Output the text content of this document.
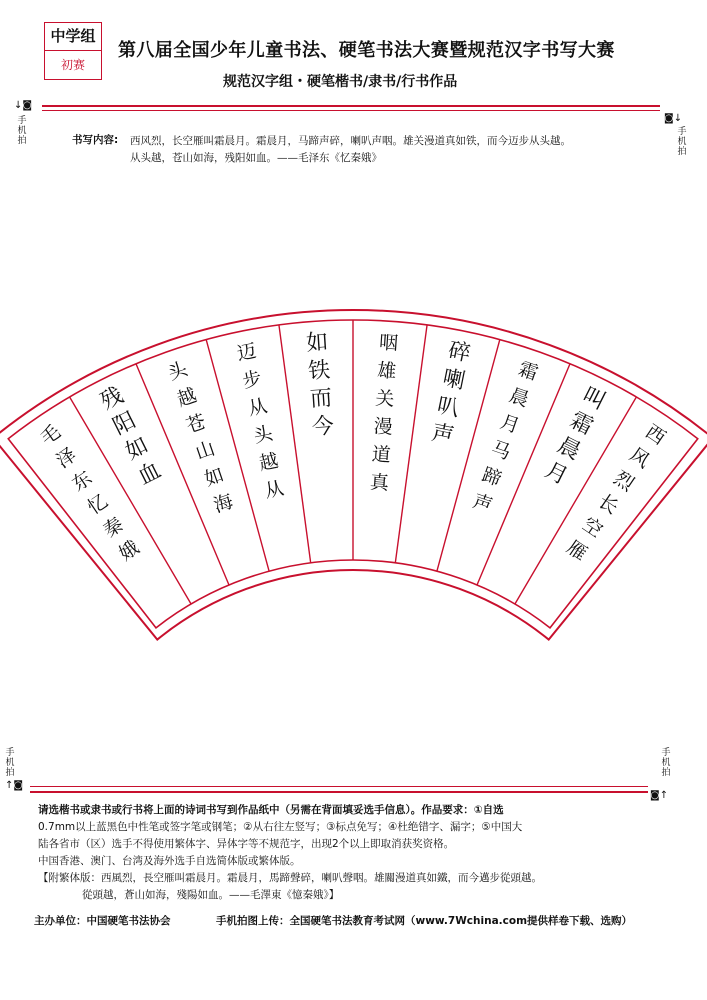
中学组
初赛
第八届全国少年儿童书法、硬笔书法大赛暨规范汉字书写大赛
规范汉字组・硬笔楷书/隶书/行书作品
↓◙
手机拍
◙↓
手机拍
书写内容: 西风烈，长空雁叫霜晨月。霜晨月，马蹄声碎，喇叭声咽。雄关漫道真如铁，而今迈步从头越。
从头越，苍山如海，残阳如血。——毛泽东《忆秦娥》
西
风
烈
长
空
雁
叫
霜
晨
月
霜
晨
月
马
蹄
声
碎
喇
叭
声
咽
雄
关
漫
道
真
如
铁
而
今
迈
步
从
头
越
从
头
越
苍
山
如
海
残
阳
如
血
毛
泽
东
忆
秦
娥
手机拍
↑◙
手机拍
◙↑

请选楷书或隶书或行书将上面的诗词书写到作品纸中（另需在背面填妥选手信息）。作品要求：①自选

0.7mm以上蓝黑色中性笔或签字笔或钢笔；②从右往左竖写；③标点免写；④杜绝错字、漏字；⑤中国大

陆各省市（区）选手不得使用繁体字、异体字等不规范字，出现2个以上即取消获奖资格。

中国香港、澳门、台湾及海外选手自选简体版或繁体版。

【附繁体版：西風烈，長空雁叫霜晨月。霜晨月，馬蹄聲碎，喇叭聲咽。雄關漫道真如鐵，而今邁步從頭越。

從頭越，蒼山如海，殘陽如血。——毛澤東《憶秦娥》】

主办单位：中国硬笔书法协会	手机拍图上传：全国硬笔书法教育考试网（www.7Wchina.com提供样卷下载、选购）
